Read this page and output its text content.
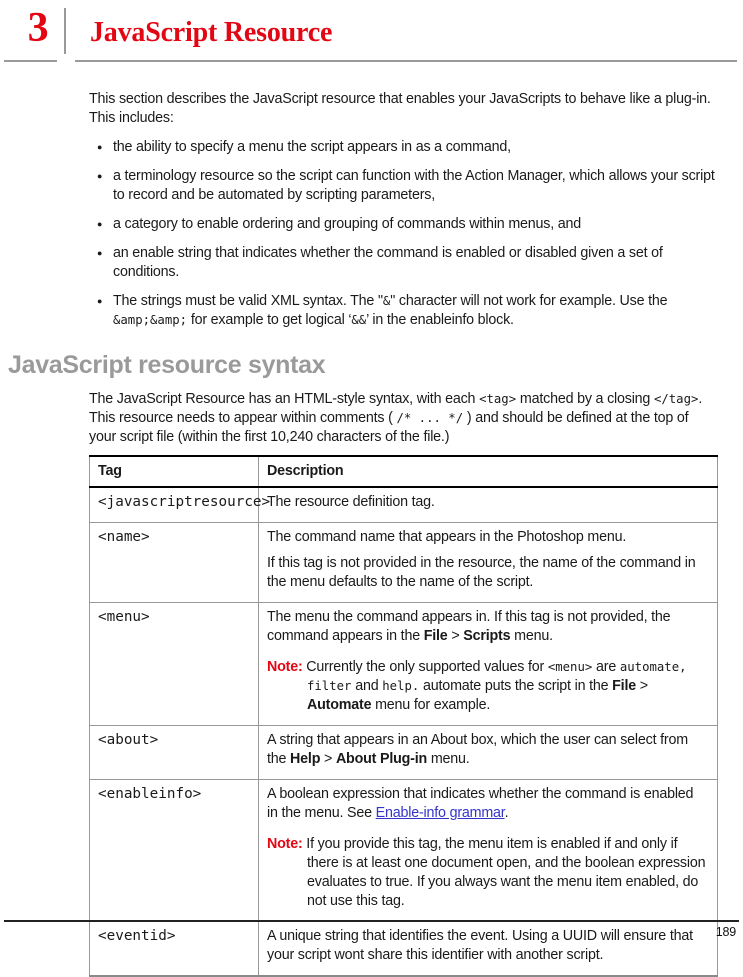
3	JavaScript Resource

This section describes the JavaScript resource that enables your JavaScripts to behave like a plug-in. This includes:

● the ability to specify a menu the script appears in as a command,
● a terminology resource so the script can function with the Action Manager, which allows your script to record and be automated by scripting parameters,
● a category to enable ordering and grouping of commands within menus, and
● an enable string that indicates whether the command is enabled or disabled given a set of conditions.
● The strings must be valid XML syntax. The "&" character will not work for example. Use the &amp;&amp; for example to get logical ‘&&’ in the enableinfo block.
JavaScript resource syntax

The JavaScript Resource has an HTML-style syntax, with each <tag> matched by a closing </tag>. This resource needs to appear within comments ( /* ... */ ) and should be defined at the top of your script file (within the first 10,240 characters of the file.)

Tag	Description
<javascriptresource>	The resource definition tag.

<name>	The command name that appears in the Photoshop menu.

If this tag is not provided in the resource, the name of the command in the menu defaults to the name of the script.

<menu>	The menu the command appears in. If this tag is not provided, the command appears in the File > Scripts menu.

Note: Currently the only supported values for <menu> are automate, filter and help. automate puts the script in the File > Automate menu for example.

<about>	A string that appears in an About box, which the user can select from the Help > About Plug-in menu.

<enableinfo>	A boolean expression that indicates whether the command is enabled in the menu. See Enable-info grammar.

Note: If you provide this tag, the menu item is enabled if and only if there is at least one document open, and the boolean expression evaluates to true. If you always want the menu item enabled, do not use this tag.

<eventid>	A unique string that identifies the event. Using a UUID will ensure that your script wont share this identifier with another script.

189
